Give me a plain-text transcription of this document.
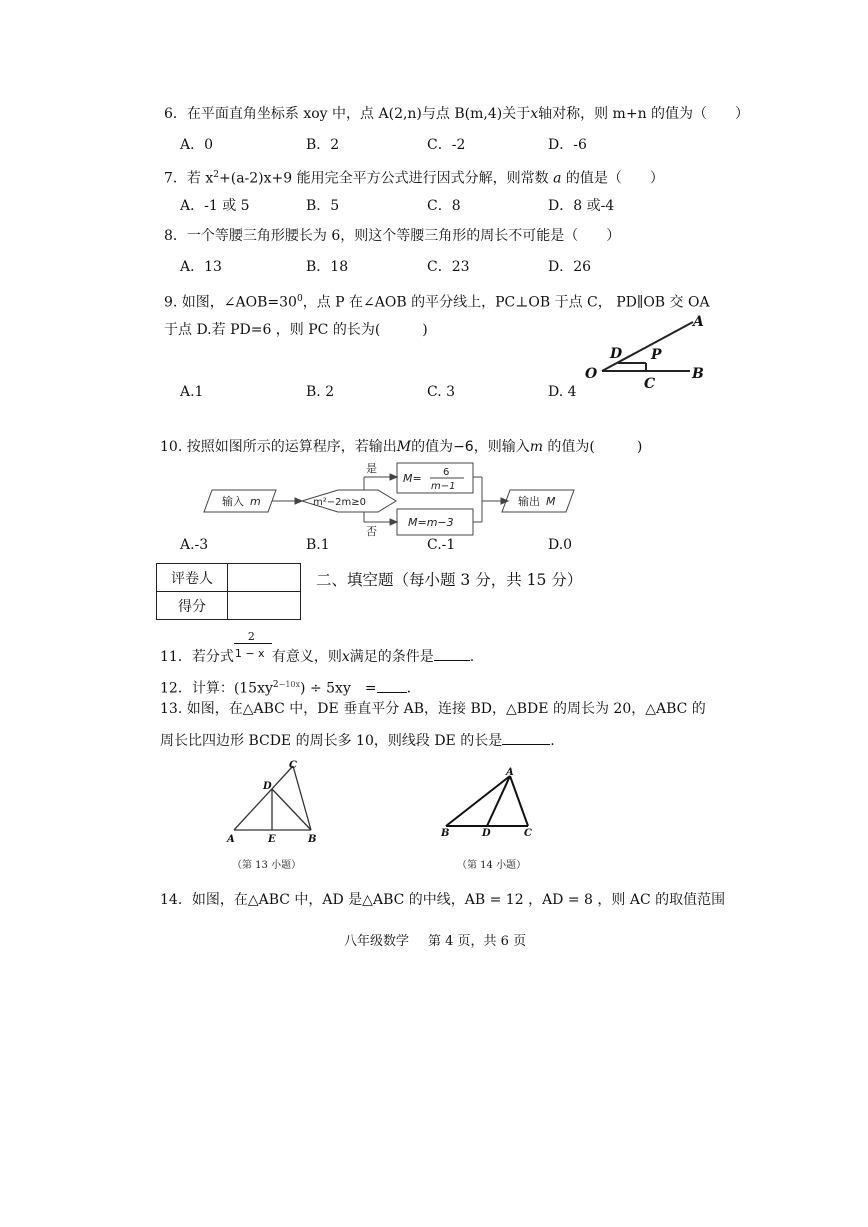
6．在平面直角坐标系 xoy 中，点 A(2,n)与点 B(m,4)关于x轴对称，则 m+n 的值为（　　）
A．0	B．2	C．-2	D．-6
7．若 $x^2+(a-2)x+9$ 能用完全平方公式进行因式分解，则常数 a 的值是（　　）
A．-1 或 5	B．5	C．8	D．8 或-4
8．一个等腰三角形腰长为 6，则这个等腰三角形的周长不可能是（　　）
A．13	B．18	C．23	D．26
9. 如图，$\angle AOB=30^0$，点 P 在∠AOB 的平分线上，PC⊥OB 于点 C， PD∥OB 交 OA
于点 D.若 PD=6 ，则 PC 的长为(　　　)
O
A
B
C
D P
A.1	B. 2	C. 3	D. 4
10. 按照如图所示的运算程序，若输出M的值为−6，则输入m 的值为(　　　)
输入 m	m²−2m≥0
是
否
M= 6
m−1
M=m−3
输出 M
A.-3	B.1	C.-1	D.0
评卷人	
得分	
二、填空题（每小题 3 分，共 15 分）
11．若分式 $\frac{2}{1 - x}$ 有意义，则x满足的条件是	.
12．计算：$(15xy^{2-10x}) \div 5xy$ = .
13. 如图，在△ABC 中，DE 垂直平分 AB，连接 BD，△BDE 的周长为 20，△ABC 的
周长比四边形 BCDE 的周长多 10，则线段 DE 的长是	.
A	B
C
D
E
（第 13 小题）
B	D	C
A
（第 14 小题）
14．如图，在△ABC 中，AD 是△ABC 的中线，AB = 12 ，AD = 8 ，则 AC 的取值范围
八年级数学 第 4 页，共 6 页
